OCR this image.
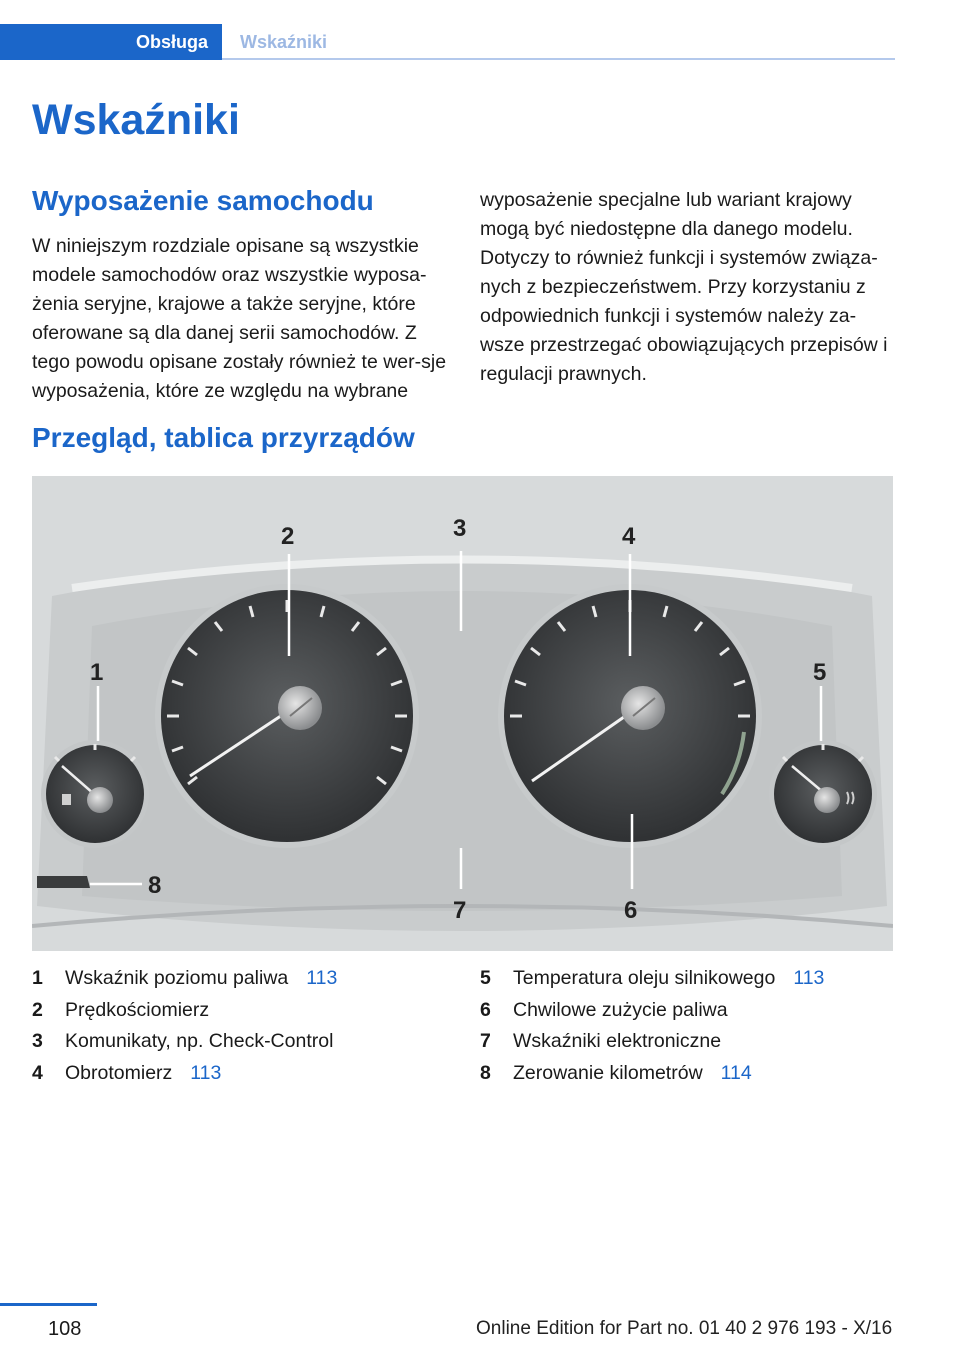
Obsługa	Wskaźniki
Wskaźniki
Wyposażenie samochodu

W niniejszym rozdziale opisane są wszystkie modele samochodów oraz wszystkie wyposa‐żenia seryjne, krajowe a także seryjne, które oferowane są dla danej serii samochodów. Z tego powodu opisane zostały również te wer‐sje wyposażenia, które ze względu na wybrane

wyposażenie specjalne lub wariant krajowy mogą być niedostępne dla danego modelu. Dotyczy to również funkcji i systemów związa‐nych z bezpieczeństwem. Przy korzystaniu z odpowiednich funkcji i systemów należy za‐wsze przestrzegać obowiązujących przepisów i regulacji prawnych.

Przegląd, tablica przyrządów
1
2	3	4
5
6
7
8
1	Wskaźnik poziomu paliwa 113
2	Prędkościomierz
3	Komunikaty, np. Check-Control
4	Obrotomierz 113
5	Temperatura oleju silnikowego 113
6	Chwilowe zużycie paliwa
7	Wskaźniki elektroniczne
8	Zerowanie kilometrów 114
108	Online Edition for Part no. 01 40 2 976 193 - X/16
